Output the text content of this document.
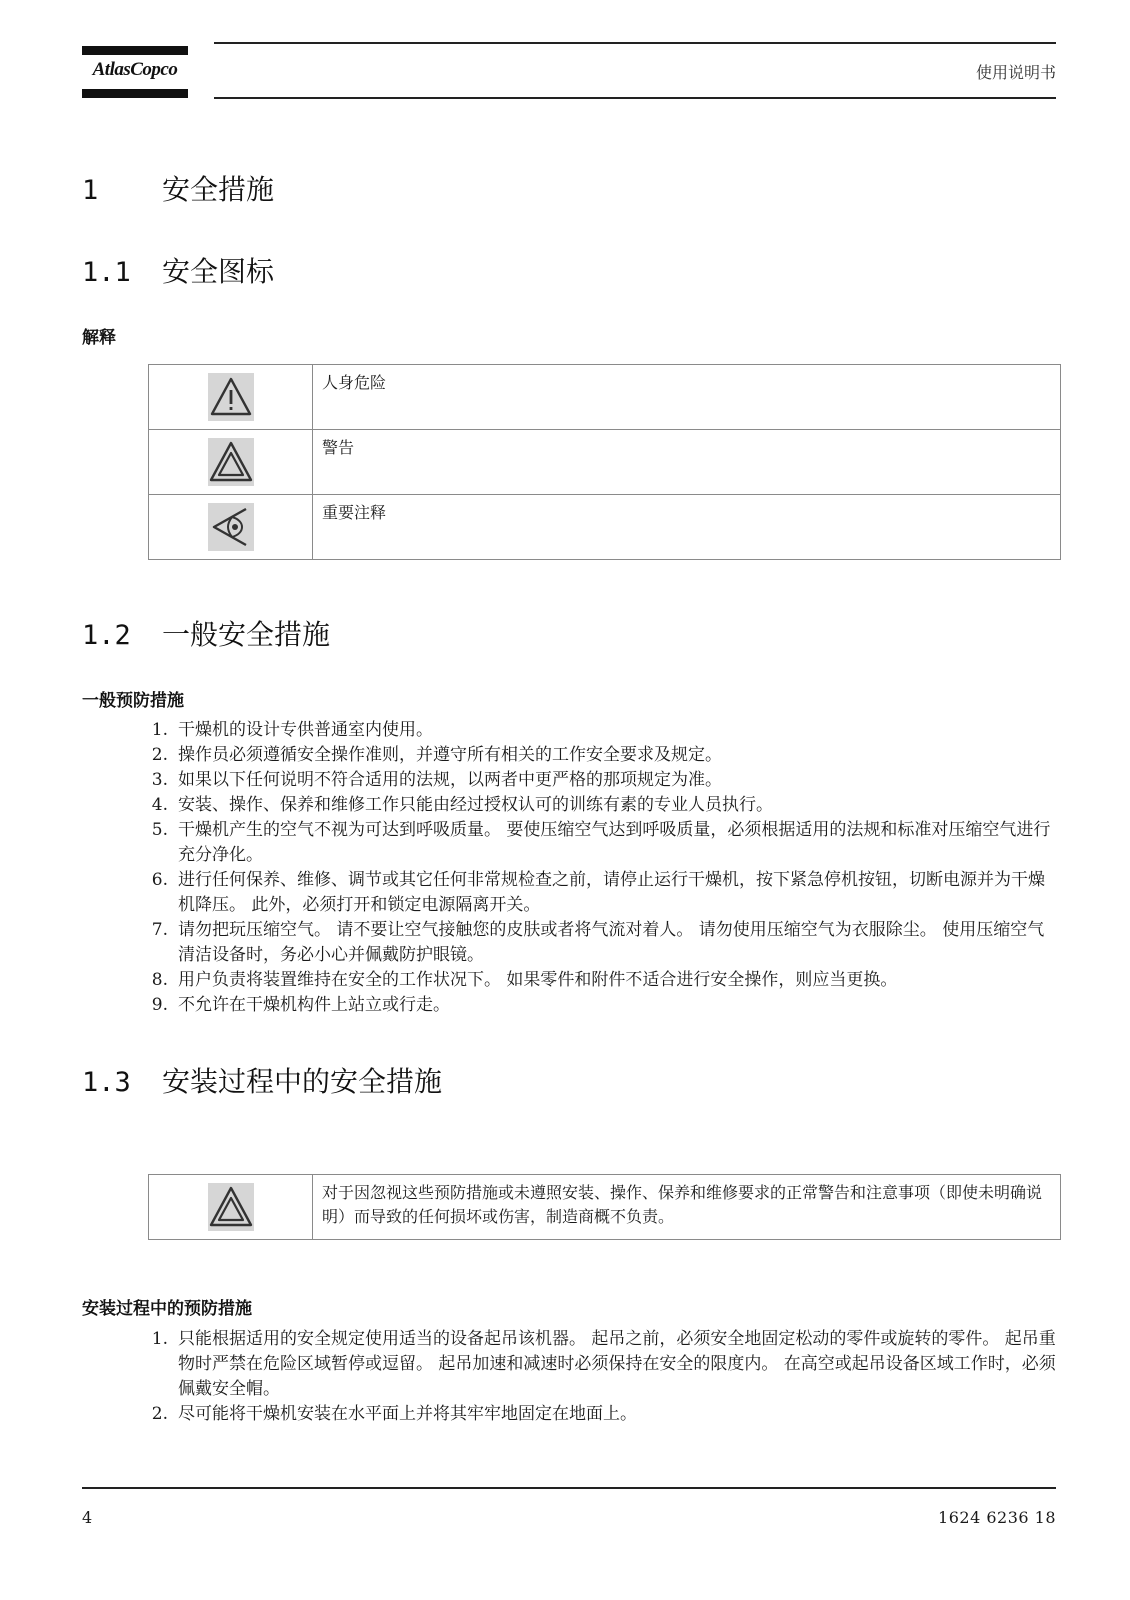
AtlasCopco	使用说明书
1 安全措施
1.1 安全图标
解释
	人身危险

	警告

	重要注释
1.2 一般安全措施
一般预防措施
1. 干燥机的设计专供普通室内使用。
2. 操作员必须遵循安全操作准则，并遵守所有相关的工作安全要求及规定。
3. 如果以下任何说明不符合适用的法规，以两者中更严格的那项规定为准。
4. 安装、操作、保养和维修工作只能由经过授权认可的训练有素的专业人员执行。
5. 干燥机产生的空气不视为可达到呼吸质量。 要使压缩空气达到呼吸质量，必须根据适用的法规和标准对压缩空气进行充分净化。
6. 进行任何保养、维修、调节或其它任何非常规检查之前，请停止运行干燥机，按下紧急停机按钮，切断电源并为干燥机降压。 此外，必须打开和锁定电源隔离开关。
7. 请勿把玩压缩空气。 请不要让空气接触您的皮肤或者将气流对着人。 请勿使用压缩空气为衣服除尘。 使用压缩空气清洁设备时，务必小心并佩戴防护眼镜。
8. 用户负责将装置维持在安全的工作状况下。 如果零件和附件不适合进行安全操作，则应当更换。
9. 不允许在干燥机构件上站立或行走。
1.3 安装过程中的安全措施
	对于因忽视这些预防措施或未遵照安装、操作、保养和维修要求的正常警告和注意事项（即使未明确说明）而导致的任何损坏或伤害，制造商概不负责。
安装过程中的预防措施
1. 只能根据适用的安全规定使用适当的设备起吊该机器。 起吊之前，必须安全地固定松动的零件或旋转的零件。 起吊重物时严禁在危险区域暂停或逗留。 起吊加速和减速时必须保持在安全的限度内。 在高空或起吊设备区域工作时，必须佩戴安全帽。
2. 尽可能将干燥机安装在水平面上并将其牢牢地固定在地面上。
4	1624 6236 18
